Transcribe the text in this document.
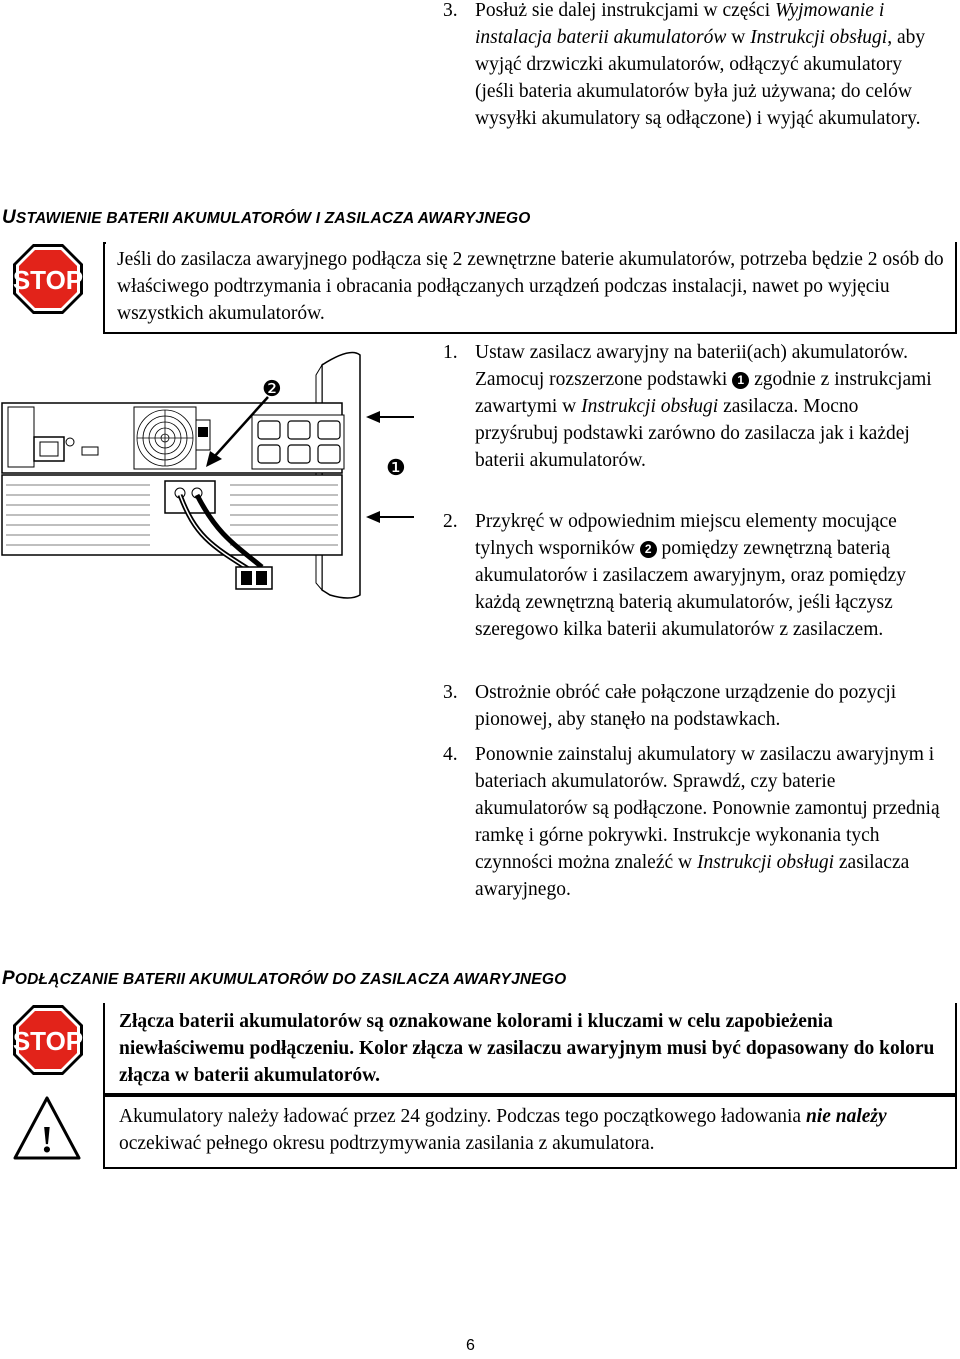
3. Posłuż sie dalej instrukcjami w części Wyjmowanie i instalacja baterii akumulatorów w Instrukcji obsługi, aby wyjąć drzwiczki akumulatorów, odłączyć akumulatory (jeśli bateria akumulatorów była już używana; do celów wysyłki akumulatory są odłączone) i wyjąć akumulatory.
USTAWIENIE BATERII AKUMULATORÓW I ZASILACZA AWARYJNEGO
STOP
Jeśli do zasilacza awaryjnego podłącza się 2 zewnętrzne baterie akumulatorów, potrzeba będzie 2 osób do właściwego podtrzymania i obracania podłączanych urządzeń podczas instalacji, nawet po wyjęciu wszystkich akumulatorów.
❷
❶
1. Ustaw zasilacz awaryjny na baterii(ach) akumulatorów. Zamocuj rozszerzone podstawki 1 zgodnie z instrukcjami zawartymi w Instrukcji obsługi zasilacza. Mocno przyśrubuj podstawki zarówno do zasilacza jak i każdej baterii akumulatorów.
2. Przykręć w odpowiednim miejscu elementy mocujące tylnych wsporników 2 pomiędzy zewnętrzną baterią akumulatorów i zasilaczem awaryjnym, oraz pomiędzy każdą zewnętrzną baterią akumulatorów, jeśli łączysz szeregowo kilka baterii akumulatorów z zasilaczem.
3. Ostrożnie obróć całe połączone urządzenie do pozycji pionowej, aby stanęło na podstawkach.
4. Ponownie zainstaluj akumulatory w zasilaczu awaryjnym i bateriach akumulatorów. Sprawdź, czy baterie akumulatorów są podłączone. Ponownie zamontuj przednią ramkę i górne pokrywki. Instrukcje wykonania tych czynności można znaleźć w Instrukcji obsługi zasilacza awaryjnego.
PODŁĄCZANIE BATERII AKUMULATORÓW DO ZASILACZA AWARYJNEGO
STOP
Złącza baterii akumulatorów są oznakowane kolorami i kluczami w celu zapobieżenia niewłaściwemu podłączeniu. Kolor złącza w zasilaczu awaryjnym musi być dopasowany do koloru złącza w baterii akumulatorów.
!
Akumulatory należy ładować przez 24 godziny. Podczas tego początkowego ładowania nie należy oczekiwać pełnego okresu podtrzymywania zasilania z akumulatora.
6
